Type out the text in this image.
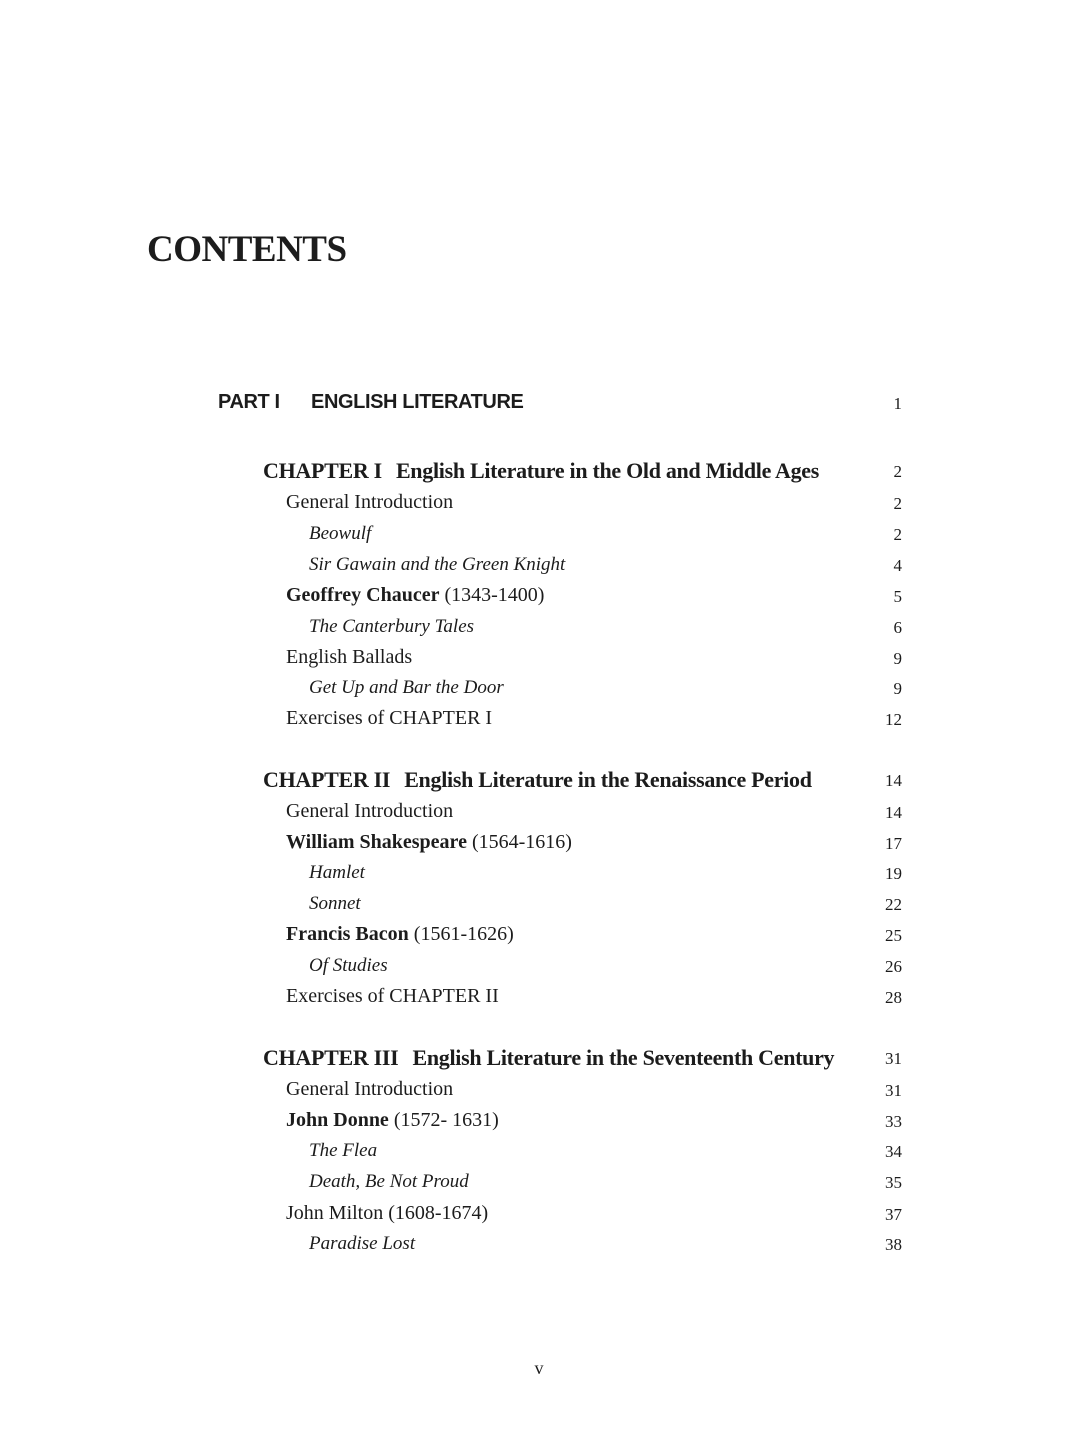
CONTENTS
PART I ENGLISH LITERATURE	1
CHAPTER I English Literature in the Old and Middle Ages	2
General Introduction	2
Beowulf	2
Sir Gawain and the Green Knight	4
Geoffrey Chaucer (1343-1400)	5
The Canterbury Tales	6
English Ballads	9
Get Up and Bar the Door	9
Exercises of CHAPTER I	12
CHAPTER II English Literature in the Renaissance Period	14
General Introduction	14
William Shakespeare (1564-1616)	17
Hamlet	19
Sonnet	22
Francis Bacon (1561-1626)	25
Of Studies	26
Exercises of CHAPTER II	28
CHAPTER III English Literature in the Seventeenth Century	31
General Introduction	31
John Donne (1572- 1631)	33
The Flea	34
Death, Be Not Proud	35
John Milton (1608-1674)	37
Paradise Lost	38
v
